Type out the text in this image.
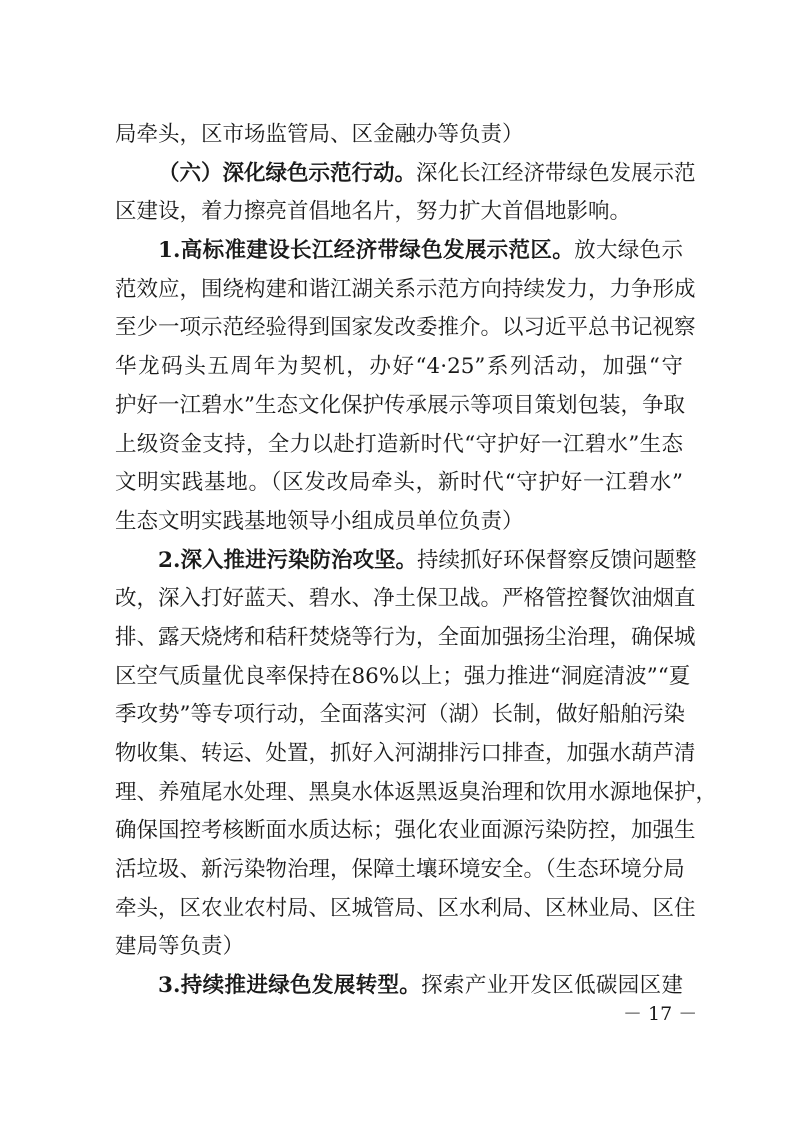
局牵头，区市场监管局、区金融办等负责）
（六）深化绿色示范行动。深化长江经济带绿色发展示范
区建设，着力擦亮首倡地名片，努力扩大首倡地影响。
1.高标准建设长江经济带绿色发展示范区。放大绿色示
范效应，围绕构建和谐江湖关系示范方向持续发力，力争形成
至少一项示范经验得到国家发改委推介。以习近平总书记视察
华龙码头五周年为契机，办好“4·25”系列活动，加强“守
护好一江碧水”生态文化保护传承展示等项目策划包装，争取
上级资金支持，全力以赴打造新时代“守护好一江碧水”生态
文明实践基地。（区发改局牵头，新时代“守护好一江碧水”
生态文明实践基地领导小组成员单位负责）
2.深入推进污染防治攻坚。持续抓好环保督察反馈问题整
改，深入打好蓝天、碧水、净土保卫战。严格管控餐饮油烟直
排、露天烧烤和秸秆焚烧等行为，全面加强扬尘治理，确保城
区空气质量优良率保持在86%以上；强力推进“洞庭清波”“夏
季攻势”等专项行动，全面落实河（湖）长制，做好船舶污染
物收集、转运、处置，抓好入河湖排污口排查，加强水葫芦清
理、养殖尾水处理、黑臭水体返黑返臭治理和饮用水源地保护，
确保国控考核断面水质达标；强化农业面源污染防控，加强生
活垃圾、新污染物治理，保障土壤环境安全。（生态环境分局
牵头，区农业农村局、区城管局、区水利局、区林业局、区住
建局等负责）
3.持续推进绿色发展转型。探索产业开发区低碳园区建
－ 17 －
